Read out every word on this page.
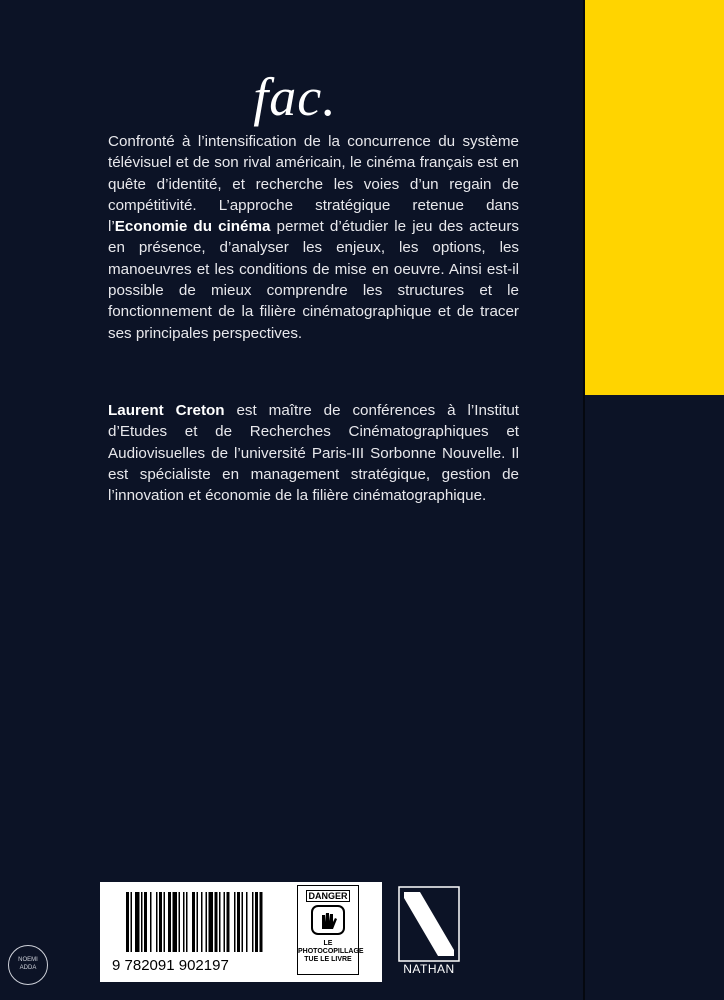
fac.

Confronté à l’intensification de la concurrence du système télévisuel et de son rival américain, le cinéma français est en quête d’identité, et recherche les voies d’un regain de compétitivité. L’approche stratégique retenue dans l’Economie du cinéma permet d’étudier le jeu des acteurs en présence, d’analyser les enjeux, les options, les manoeuvres et les conditions de mise en oeuvre. Ainsi est-il possible de mieux comprendre les structures et le fonctionnement de la filière cinématographique et de tracer ses principales perspectives.

Laurent Creton est maître de conférences à l’Institut d’Etudes et de Recherches Cinématographiques et Audiovisuelles de l’université Paris-III Sorbonne Nouvelle. Il est spécialiste en management stratégique, gestion de l’innovation et économie de la filière cinématographique.

9 782091 902197
DANGER
LE
PHOTOCOPILLAGE
TUE LE LIVRE
NATHAN
NOEMI
ADDA
